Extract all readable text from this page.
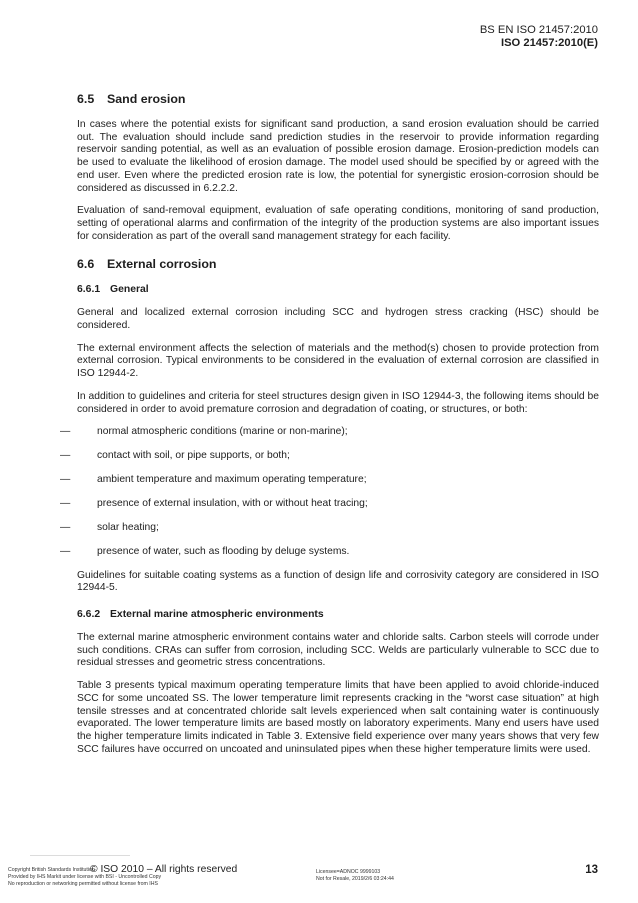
BS EN ISO 21457:2010
ISO 21457:2010(E)
6.5 Sand erosion

In cases where the potential exists for significant sand production, a sand erosion evaluation should be carried out. The evaluation should include sand prediction studies in the reservoir to provide information regarding reservoir sanding potential, as well as an evaluation of possible erosion damage. Erosion-prediction models can be used to evaluate the likelihood of erosion damage. The model used should be specified by or agreed with the end user. Even where the predicted erosion rate is low, the potential for synergistic erosion-corrosion should be considered as discussed in 6.2.2.2.

Evaluation of sand-removal equipment, evaluation of safe operating conditions, monitoring of sand production, setting of operational alarms and confirmation of the integrity of the production systems are also important issues for consideration as part of the overall sand management strategy for each facility.

6.6 External corrosion
6.6.1 General

General and localized external corrosion including SCC and hydrogen stress cracking (HSC) should be considered.

The external environment affects the selection of materials and the method(s) chosen to provide protection from external corrosion. Typical environments to be considered in the evaluation of external corrosion are classified in ISO 12944-2.

In addition to guidelines and criteria for steel structures design given in ISO 12944-3, the following items should be considered in order to avoid premature corrosion and degradation of coating, or structures, or both:

—	normal atmospheric conditions (marine or non-marine);
—	contact with soil, or pipe supports, or both;
—	ambient temperature and maximum operating temperature;
—	presence of external insulation, with or without heat tracing;
—	solar heating;
—	presence of water, such as flooding by deluge systems.

Guidelines for suitable coating systems as a function of design life and corrosivity category are considered in ISO 12944-5.

6.6.2 External marine atmospheric environments

The external marine atmospheric environment contains water and chloride salts. Carbon steels will corrode under such conditions. CRAs can suffer from corrosion, including SCC. Welds are particularly vulnerable to SCC due to residual stresses and geometric stress concentrations.

Table 3 presents typical maximum operating temperature limits that have been applied to avoid chloride-induced SCC for some uncoated SS. The lower temperature limit represents cracking in the “worst case situation” at high tensile stresses and at concentrated chloride salt levels experienced when salt containing water is continuously evaporated. The lower temperature limits are based mostly on laboratory experiments. Many end users have used the higher temperature limits indicated in Table 3. Extensive field experience over many years shows that very few SCC failures have occurred on uncoated and uninsulated pipes when these higher temperature limits were used.

Copyright British Standards Institution
Provided by IHS Markit under license with BSI - Uncontrolled Copy
No reproduction or networking permitted without license from IHS
© ISO 2010 – All rights reserved	Licensee=ADNOC 9999103
Not for Resale, 2019/2/6 03:24:44
13
